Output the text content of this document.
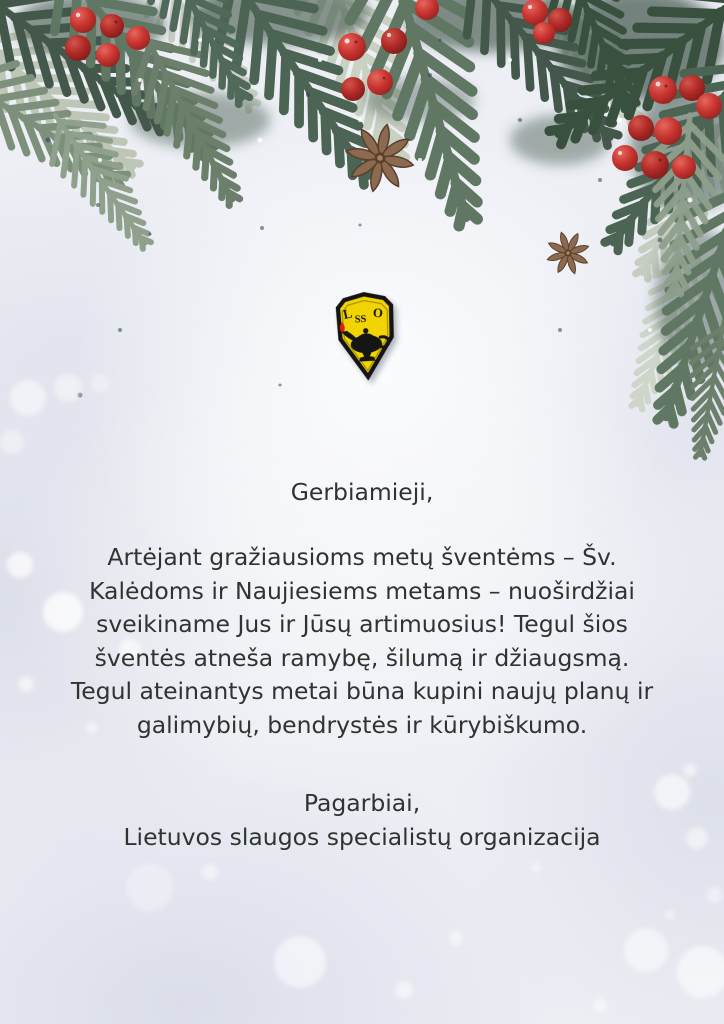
L SS O
Gerbiamieji,
Artėjant gražiausioms metų šventėms – Šv.
Kalėdoms ir Naujiesiems metams – nuoširdžiai
sveikiname Jus ir Jūsų artimuosius! Tegul šios
šventės atneša ramybę, šilumą ir džiaugsmą.
Tegul ateinantys metai būna kupini naujų planų ir
galimybių, bendrystės ir kūrybiškumo.
Pagarbiai,
Lietuvos slaugos specialistų organizacija
